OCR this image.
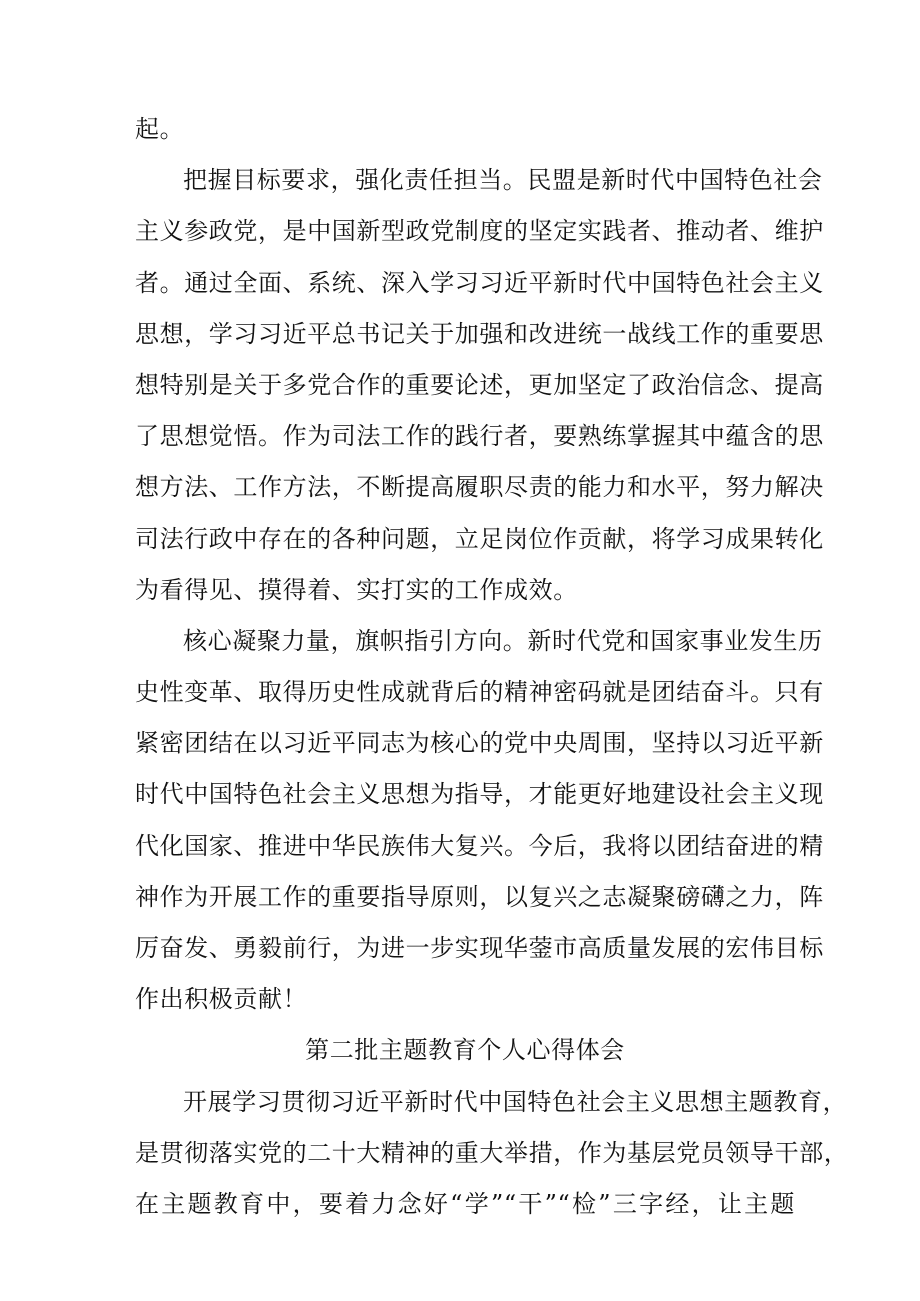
起。
把握目标要求，强化责任担当。民盟是新时代中国特色社会
主义参政党，是中国新型政党制度的坚定实践者、推动者、维护
者。通过全面、系统、深入学习习近平新时代中国特色社会主义
思想，学习习近平总书记关于加强和改进统一战线工作的重要思
想特别是关于多党合作的重要论述，更加坚定了政治信念、提高
了思想觉悟。作为司法工作的践行者，要熟练掌握其中蕴含的思
想方法、工作方法，不断提高履职尽责的能力和水平，努力解决
司法行政中存在的各种问题，立足岗位作贡献，将学习成果转化
为看得见、摸得着、实打实的工作成效。
核心凝聚力量，旗帜指引方向。新时代党和国家事业发生历
史性变革、取得历史性成就背后的精神密码就是团结奋斗。只有
紧密团结在以习近平同志为核心的党中央周围，坚持以习近平新
时代中国特色社会主义思想为指导，才能更好地建设社会主义现
代化国家、推进中华民族伟大复兴。今后，我将以团结奋进的精
神作为开展工作的重要指导原则，以复兴之志凝聚磅礴之力，阵
厉奋发、勇毅前行，为进一步实现华蓥市高质量发展的宏伟目标
作出积极贡献！
第二批主题教育个人心得体会
开展学习贯彻习近平新时代中国特色社会主义思想主题教育，
是贯彻落实党的二十大精神的重大举措，作为基层党员领导干部，
在主题教育中，要着力念好“学”“干”“检”三字经，让主题
